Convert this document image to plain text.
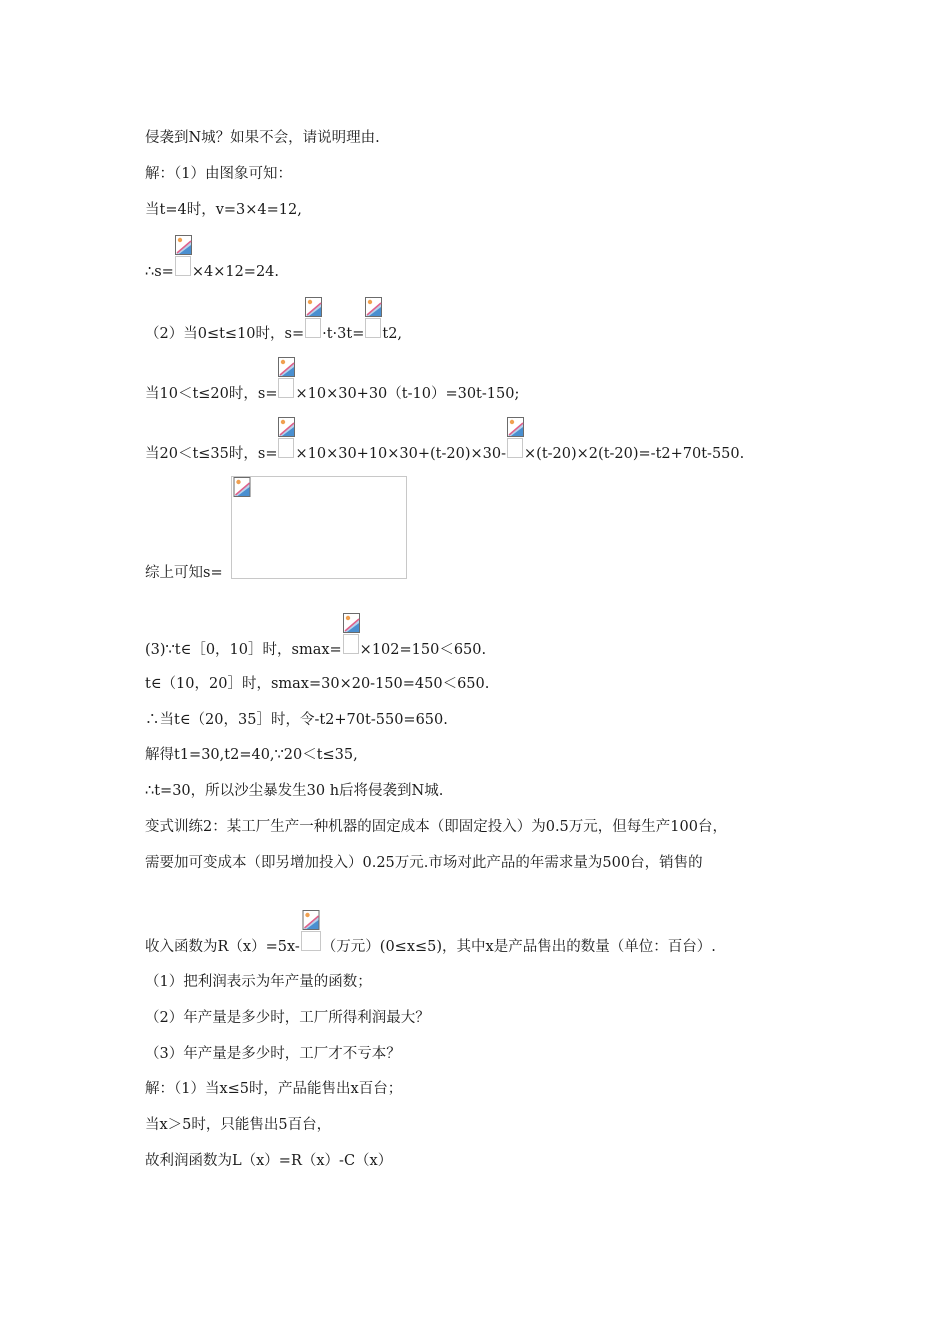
侵袭到N城？如果不会，请说明理由.
解：（1）由图象可知：
当t=4时，v=3×4=12,
∴s= ×4×12=24.
（2）当0≤t≤10时，s= ·t·3t= t2,
当10＜t≤20时，s= ×10×30+30（t-10）=30t-150;
当20＜t≤35时，s= ×10×30+10×30+(t-20)×30- ×(t-20)×2(t-20)=-t2+70t-550.
综上可知s=
(3)∵t∈［0，10］时，smax= ×102=150＜650.
t∈（10，20］时，smax=30×20-150=450＜650.
∴当t∈（20，35］时，令-t2+70t-550=650.
解得t1=30,t2=40,∵20＜t≤35,
∴t=30，所以沙尘暴发生30 h后将侵袭到N城.
变式训练2：某工厂生产一种机器的固定成本（即固定投入）为0.5万元，但每生产100台，
需要加可变成本（即另增加投入）0.25万元.市场对此产品的年需求量为500台，销售的
收入函数为R（x）=5x- （万元）(0≤x≤5)，其中x是产品售出的数量（单位：百台）.
（1）把利润表示为年产量的函数；
（2）年产量是多少时，工厂所得利润最大？
（3）年产量是多少时，工厂才不亏本？
解：（1）当x≤5时，产品能售出x百台；
当x＞5时，只能售出5百台，
故利润函数为L（x）=R（x）-C（x）
